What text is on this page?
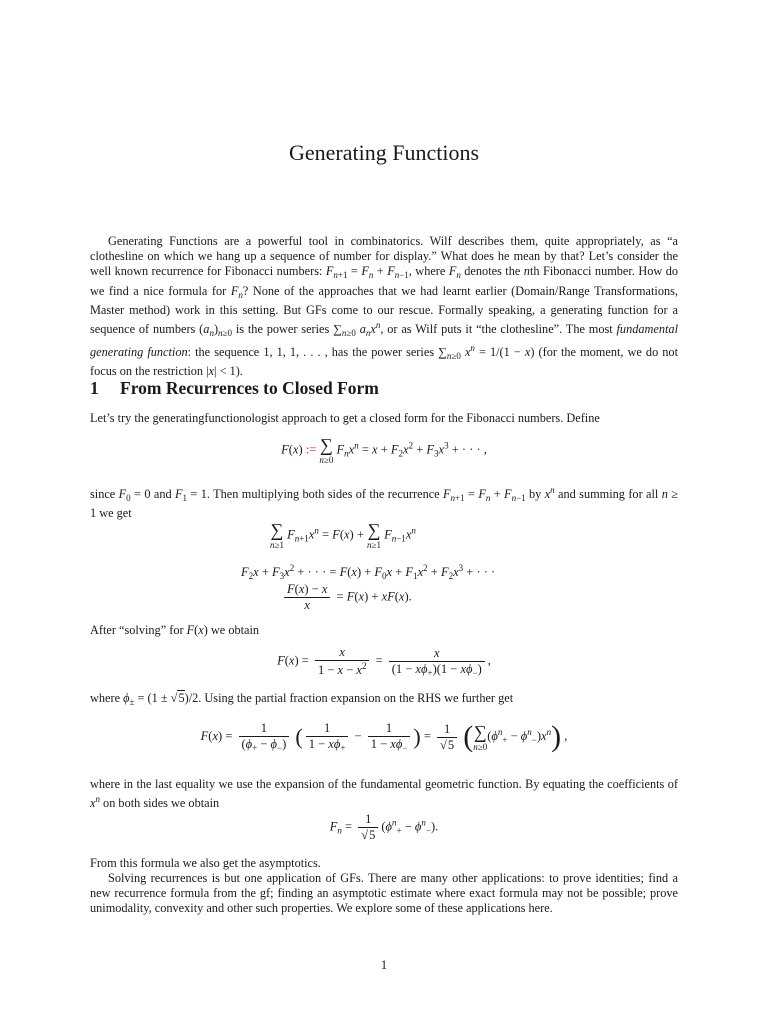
Generating Functions

Generating Functions are a powerful tool in combinatorics. Wilf describes them, quite appropriately, as “a clothesline on which we hang up a sequence of number for display.” What does he mean by that? Let’s consider the well known recurrence for Fibonacci numbers: $F_{n+1} = F_n + F_{n-1}$, where $F_n$ denotes the nth Fibonacci number. How do we find a nice formula for $F_n$? None of the approaches that we had learnt earlier (Domain/Range Transformations, Master method) work in this setting. But GFs come to our rescue. Formally speaking, a generating function for a sequence of numbers $(a_n)_{n\ge 0}$ is the power series $\sum_{n\ge 0}$ $a_nx^n$, or as Wilf puts it “the clothesline”. The most fundamental generating function: the sequence 1, 1, 1, . . . , has the power series $\sum_{n\ge 0}$ $x^n = 1/(1 - x)$ (for the moment, we do not focus on the restriction |x| < 1).

1 From Recurrences to Closed Form

Let’s try the generatingfunctionologist approach to get a closed form for the Fibonacci numbers. Define

F(x) := ∑
n≥0
$F_nx^n = x + F_2x^2 + F_3x^3$ + · · · ,

since $F_0 = 0$ and $F_1 = 1$. Then multiplying both sides of the recurrence $F_{n+1} = F_n + F_{n-1}$ by $x^n$ and summing for all n ≥ 1 we get

∑
n≥1
$F_{n+1}x^n = F(x)$ + ∑
n≥1
$F_{n-1}x^n$
$F_2x + F_3x^2$ + · · · = $F(x) + F_0x + F_1x^2 + F_2x^3$ + · · ·
$\frac{F(x) - x}{x} = F(x) + xF(x)$.

After “solving” for F(x) we obtain

$F(x) = \frac{x}{1 - x - x^2} = \frac{x}{(1 - x\phi_+)(1 - x\phi_-)}$ ,

where $\phi_\pm = (1 \pm √5)/2$. Using the partial fraction expansion on the RHS we further get

$F(x) = \frac{1}{(\phi_+ - \phi_-)}$ ( $\frac{1}{1 - x\phi_+} - \frac{1}{1 - x\phi_-}$ ) = $\frac{1}{√5}$ (∑
n≥0
$(\phi^n_+ - \phi^n_-)x^n$) ,

where in the last equality we use the expansion of the fundamental geometric function. By equating the coefficients of $x^n$ on both sides we obtain

$F_n = \frac{1}{√5} (\phi^n_+ - \phi^n_-)$.

From this formula we also get the asymptotics.

Solving recurrences is but one application of GFs. There are many other applications: to prove identities; find a new recurrence formula from the gf; finding an asymptotic estimate where exact formula may not be possible; prove unimodality, convexity and other such properties. We explore some of these applications here.

1
